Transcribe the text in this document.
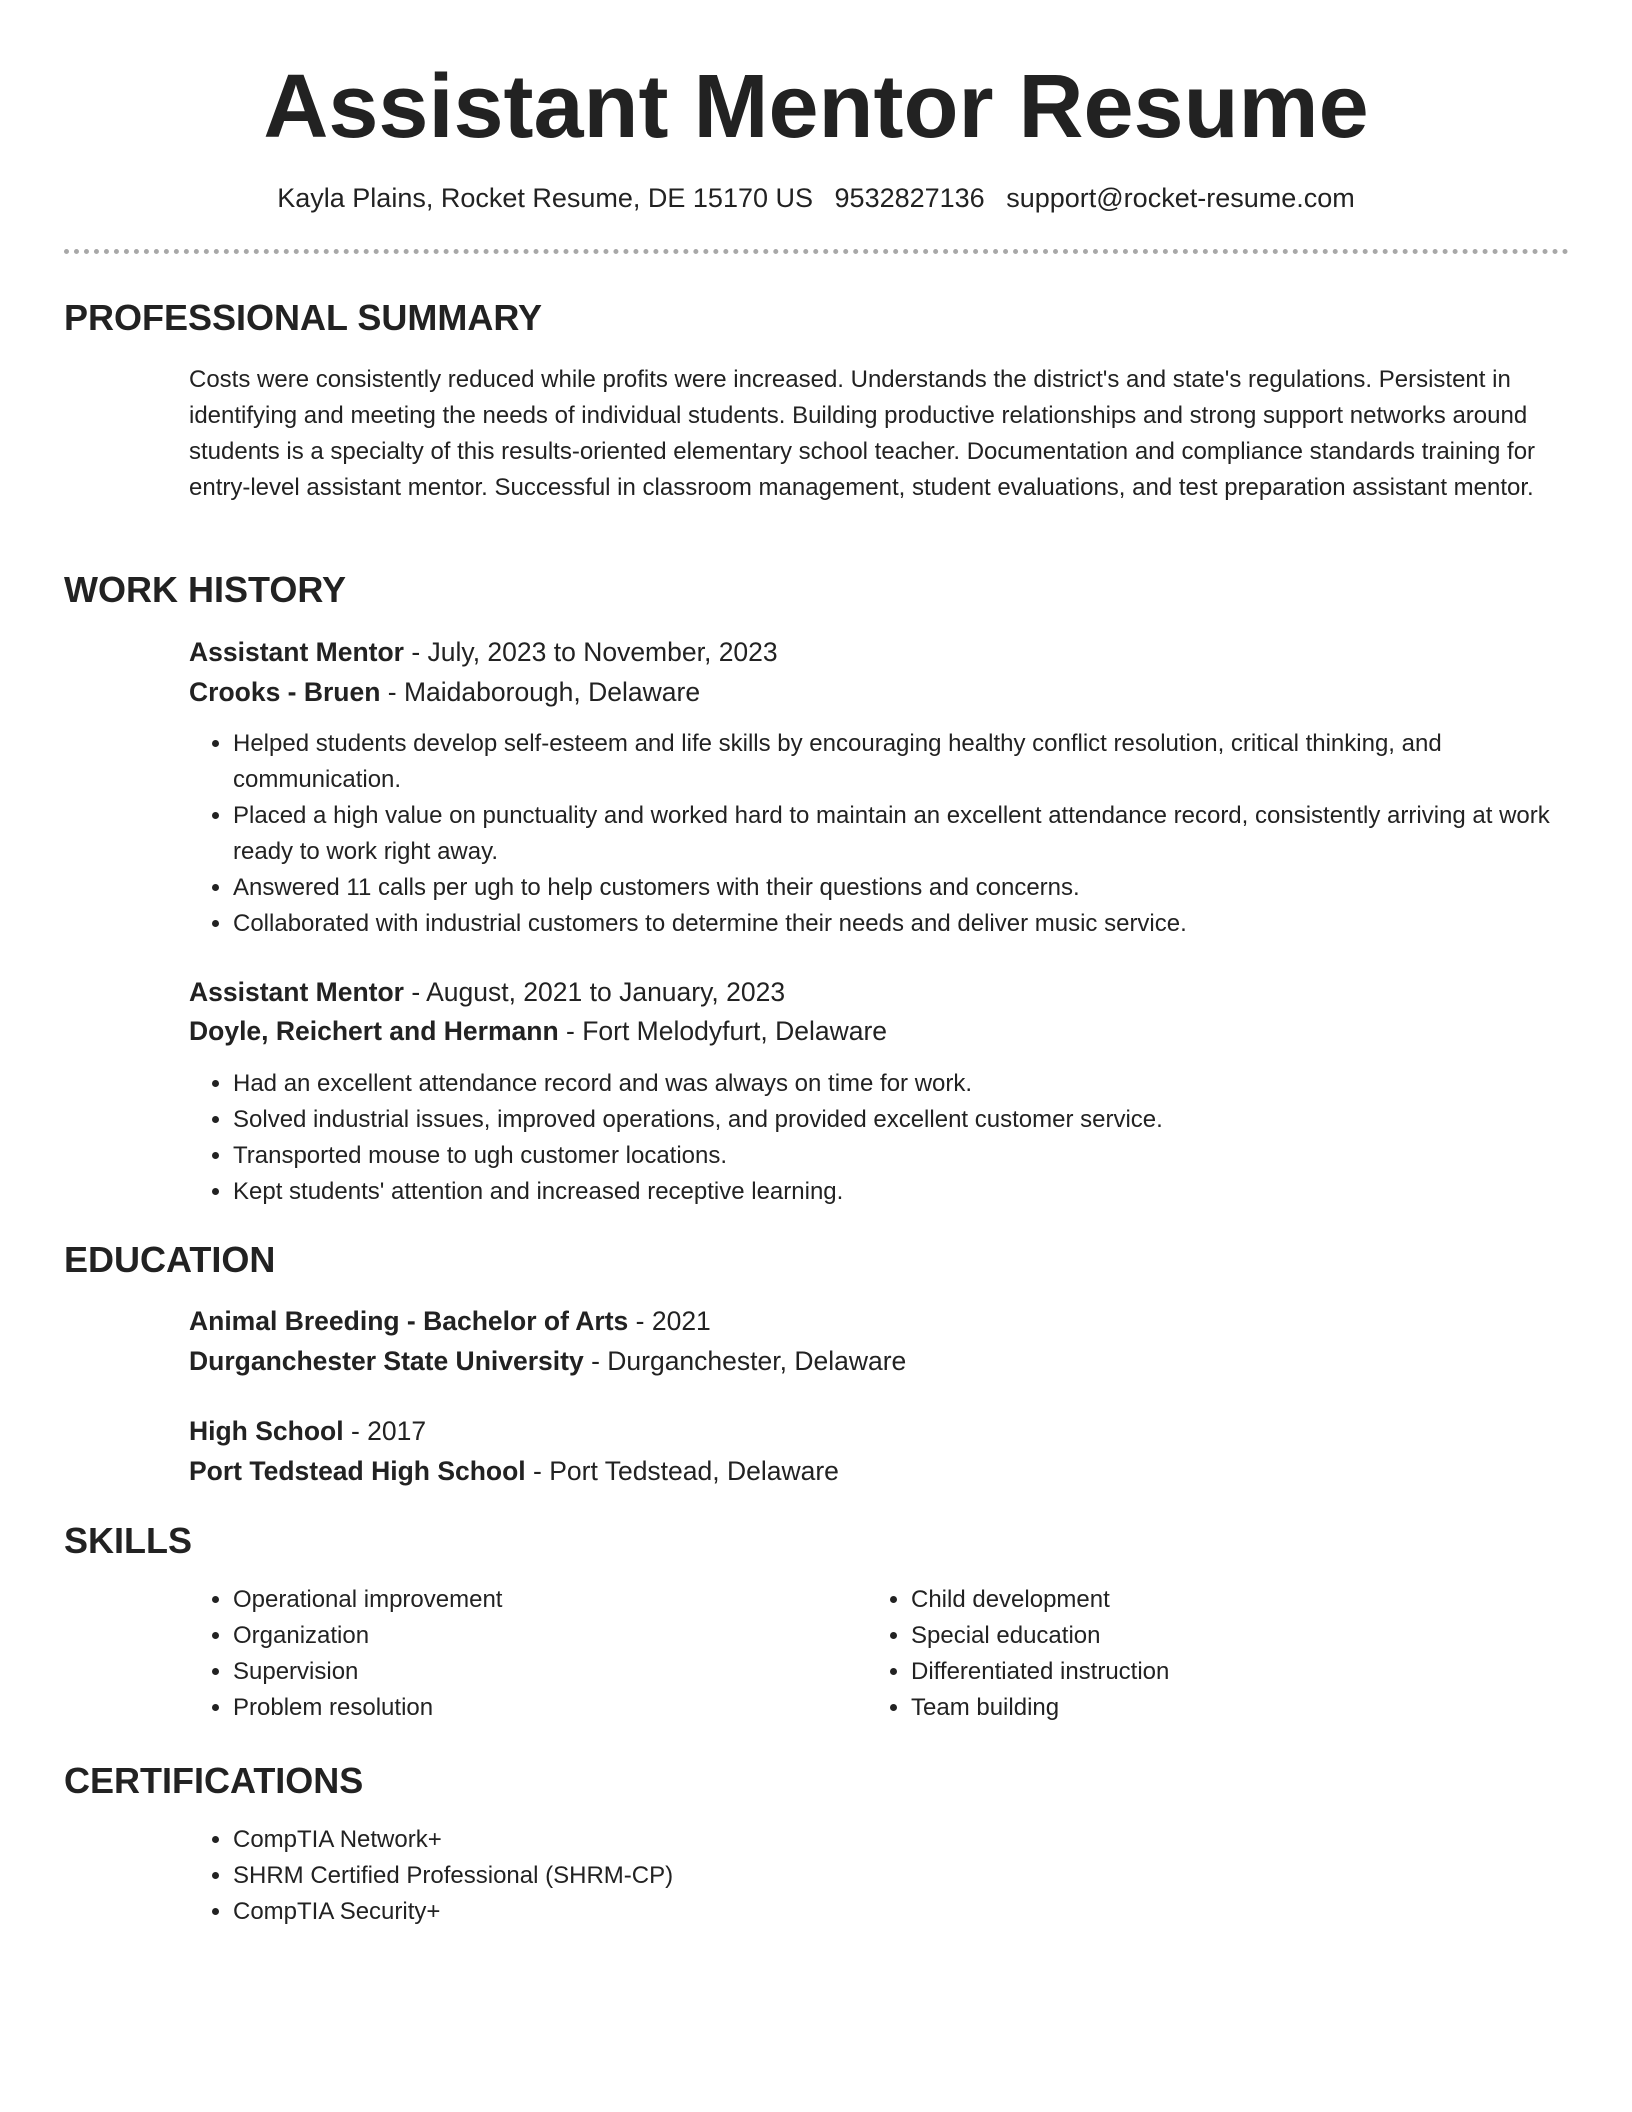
Assistant Mentor Resume
Kayla Plains, Rocket Resume, DE 15170 US 9532827136 support@rocket-resume.com
PROFESSIONAL SUMMARY

Costs were consistently reduced while profits were increased. Understands the district's and state's regulations. Persistent in identifying and meeting the needs of individual students. Building productive relationships and strong support networks around students is a specialty of this results-oriented elementary school teacher. Documentation and compliance standards training for entry-level assistant mentor. Successful in classroom management, student evaluations, and test preparation assistant mentor.

WORK HISTORY
Assistant Mentor - July, 2023 to November, 2023
Crooks - Bruen - Maidaborough, Delaware
• Helped students develop self-esteem and life skills by encouraging healthy conflict resolution, critical thinking, and communication.
• Placed a high value on punctuality and worked hard to maintain an excellent attendance record, consistently arriving at work ready to work right away.
• Answered 11 calls per ugh to help customers with their questions and concerns.
• Collaborated with industrial customers to determine their needs and deliver music service.
Assistant Mentor - August, 2021 to January, 2023
Doyle, Reichert and Hermann - Fort Melodyfurt, Delaware
• Had an excellent attendance record and was always on time for work.
• Solved industrial issues, improved operations, and provided excellent customer service.
• Transported mouse to ugh customer locations.
• Kept students' attention and increased receptive learning.
EDUCATION
Animal Breeding - Bachelor of Arts - 2021
Durganchester State University - Durganchester, Delaware
High School - 2017
Port Tedstead High School - Port Tedstead, Delaware
SKILLS
• Operational improvement
• Organization
• Supervision
• Problem resolution
• Child development
• Special education
• Differentiated instruction
• Team building
CERTIFICATIONS
• CompTIA Network+
• SHRM Certified Professional (SHRM-CP)
• CompTIA Security+
